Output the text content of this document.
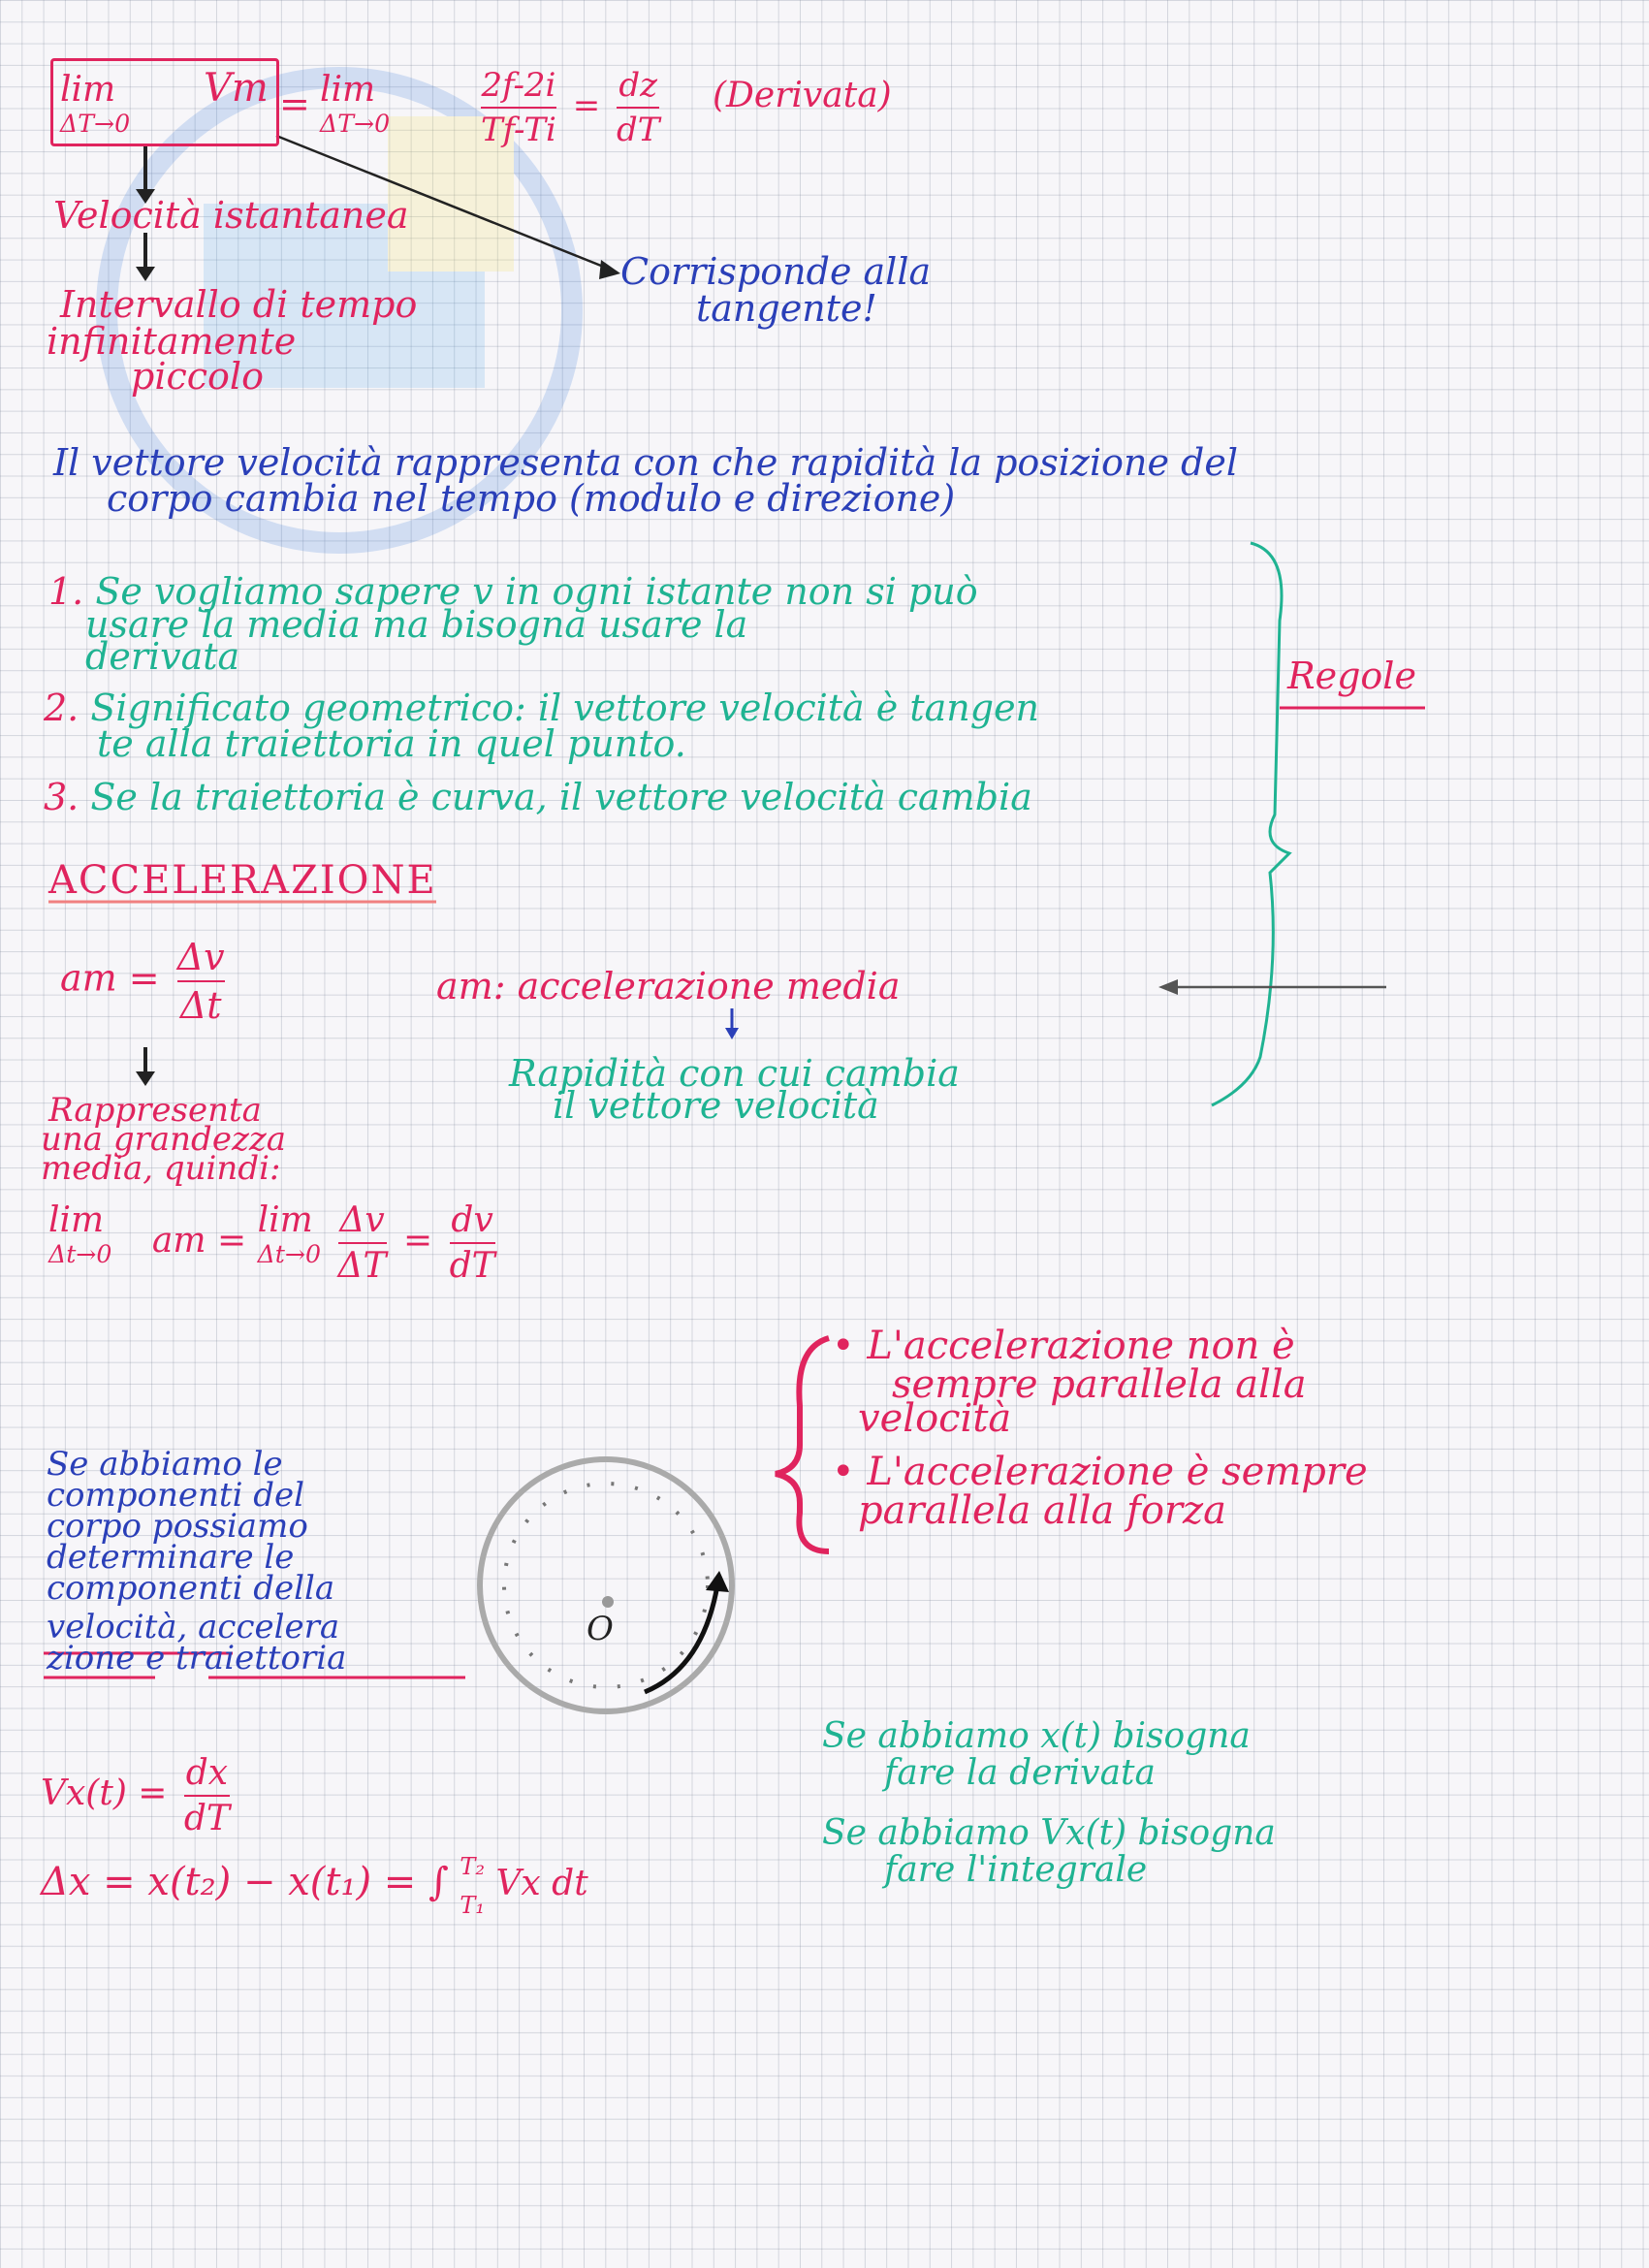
lim
ΔT→0
Vm = lim
ΔT→0	$\frac{2f-2i}{Tf-Ti} = \frac{dz}{dT}$ (Derivata)
Velocità istantanea
Intervallo di tempo
infinitamente
piccolo
Corrisponde alla
tangente!
Il vettore velocità rappresenta con che rapidità la posizione del
corpo cambia nel tempo (modulo e direzione)
1. Se vogliamo sapere v in ogni istante non si può
usare la media ma bisogna usare la
derivata
2. Significato geometrico: il vettore velocità è tangen
te alla traiettoria in quel punto.
3. Se la traiettoria è curva, il vettore velocità cambia
Regole
ACCELERAZIONE
am = $\frac{\Delta v}{\Delta t}$	am: accelerazione media
Rapidità con cui cambia
il vettore velocità
Rappresenta
una grandezza
media, quindi:
lim
Δt→0 am = lim
Δt→0
$\frac{\Delta v}{\Delta T} = \frac{dv}{dT}$
• L'accelerazione non è
sempre parallela alla
velocità
• L'accelerazione è sempre
parallela alla forza
Se abbiamo le
componenti del
corpo possiamo
determinare le
componenti della
velocità, accelera
zione e traiettoria
O
$Vx(t) = \frac{dx}{dT}$
Δx = x(t₂) − x(t₁) = ∫ T₂
T₁
Vx dt
Se abbiamo x(t) bisogna
fare la derivata
Se abbiamo Vx(t) bisogna
fare l'integrale
